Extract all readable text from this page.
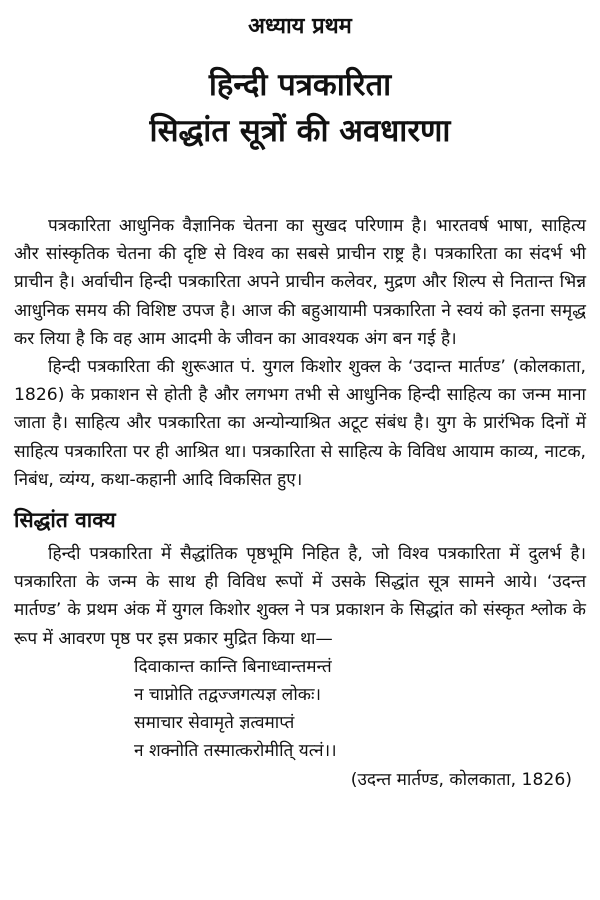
अध्याय प्रथम

हिन्दी पत्रकारिता
सिद्धांत सूत्रों की अवधारणा

पत्रकारिता आधुनिक वैज्ञानिक चेतना का सुखद परिणाम है। भारतवर्ष भाषा, साहित्य और सांस्कृतिक चेतना की दृष्टि से विश्व का सबसे प्राचीन राष्ट्र है। पत्रकारिता का संदर्भ भी प्राचीन है। अर्वाचीन हिन्दी पत्रकारिता अपने प्राचीन कलेवर, मुद्रण और शिल्प से नितान्त भिन्न आधुनिक समय की विशिष्ट उपज है। आज की बहुआयामी पत्रकारिता ने स्वयं को इतना समृद्ध कर लिया है कि वह आम आदमी के जीवन का आवश्यक अंग बन गई है।

हिन्दी पत्रकारिता की शुरूआत पं. युगल किशोर शुक्ल के ‘उदान्त मार्तण्ड’ (कोलकाता, 1826) के प्रकाशन से होती है और लगभग तभी से आधुनिक हिन्दी साहित्य का जन्म माना जाता है। साहित्य और पत्रकारिता का अन्योन्याश्रित अटूट संबंध है। युग के प्रारंभिक दिनों में साहित्य पत्रकारिता पर ही आश्रित था। पत्रकारिता से साहित्य के विविध आयाम काव्य, नाटक, निबंध, व्यंग्य, कथा-कहानी आदि विकसित हुए।

सिद्धांत वाक्य

हिन्दी पत्रकारिता में सैद्धांतिक पृष्ठभूमि निहित है, जो विश्व पत्रकारिता में दुलर्भ है। पत्रकारिता के जन्म के साथ ही विविध रूपों में उसके सिद्धांत सूत्र सामने आये। ‘उदन्त मार्तण्ड’ के प्रथम अंक में युगल किशोर शुक्ल ने पत्र प्रकाशन के सिद्धांत को संस्कृत श्लोक के रूप में आवरण पृष्ठ पर इस प्रकार मुद्रित किया था—

दिवाकान्त कान्ति बिनाध्वान्तमन्तं
न चाप्नोति तद्वज्जगत्यज्ञ लोकः।
समाचार सेवामृते ज्ञत्वमाप्तं
न शक्नोति तस्मात्करोमीति् यत्नं।।

(उदन्त मार्तण्ड, कोलकाता, 1826)
